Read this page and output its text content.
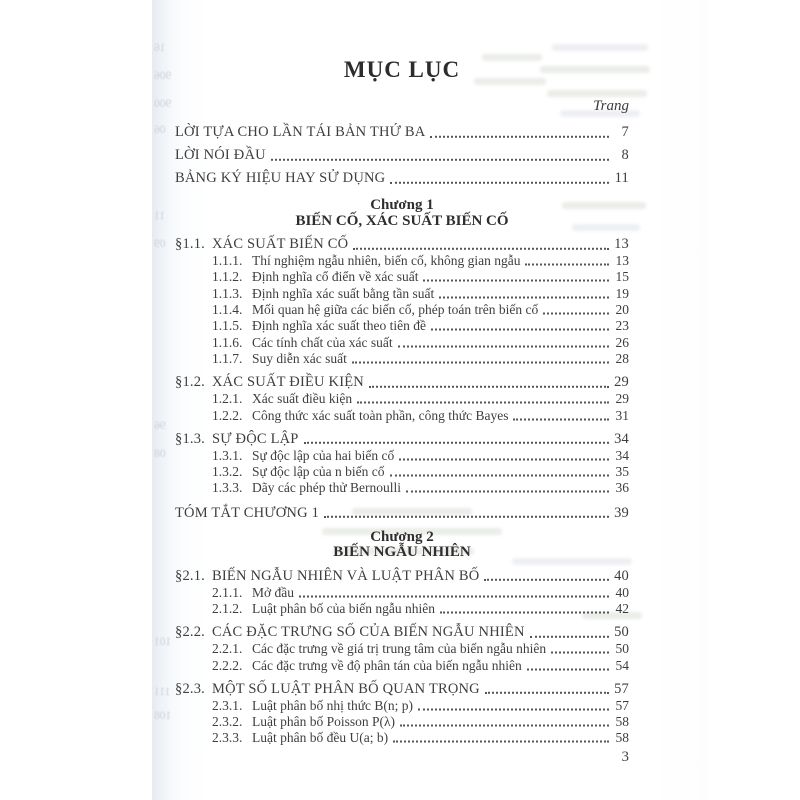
16
906
900
06
11
09
96
08
101
111
108
MỤC LỤC
Trang
LỜI TỰA CHO LẦN TÁI BẢN THỨ BA	7
LỜI NÓI ĐẦU	8
BẢNG KÝ HIỆU HAY SỬ DỤNG	11
Chương 1
BIẾN CỐ, XÁC SUẤT BIẾN CỐ
§1.1. XÁC SUẤT BIẾN CỐ	13
1.1.1. Thí nghiệm ngẫu nhiên, biến cố, không gian ngẫu	13
1.1.2. Định nghĩa cổ điển về xác suất	15
1.1.3. Định nghĩa xác suất bằng tần suất	19
1.1.4. Mối quan hệ giữa các biến cố, phép toán trên biến cố	20
1.1.5. Định nghĩa xác suất theo tiên đề	23
1.1.6. Các tính chất của xác suất	26
1.1.7. Suy diễn xác suất	28
§1.2. XÁC SUẤT ĐIỀU KIỆN	29
1.2.1. Xác suất điều kiện	29
1.2.2. Công thức xác suất toàn phần, công thức Bayes	31
§1.3. SỰ ĐỘC LẬP	34
1.3.1. Sự độc lập của hai biến cố	34
1.3.2. Sự độc lập của n biến cố	35
1.3.3. Dãy các phép thử Bernoulli	36
TÓM TẮT CHƯƠNG 1	39
Chương 2
BIẾN NGẪU NHIÊN
§2.1. BIẾN NGẪU NHIÊN VÀ LUẬT PHÂN BỐ	40
2.1.1. Mở đầu	40
2.1.2. Luật phân bố của biến ngẫu nhiên	42
§2.2. CÁC ĐẶC TRƯNG SỐ CỦA BIẾN NGẪU NHIÊN	50
2.2.1. Các đặc trưng về giá trị trung tâm của biến ngẫu nhiên	50
2.2.2. Các đặc trưng về độ phân tán của biến ngẫu nhiên	54
§2.3. MỘT SỐ LUẬT PHÂN BỐ QUAN TRỌNG	57
2.3.1. Luật phân bố nhị thức B(n; p)	57
2.3.2. Luật phân bố Poisson P(λ)	58
2.3.3. Luật phân bố đều U(a; b)	58
3
